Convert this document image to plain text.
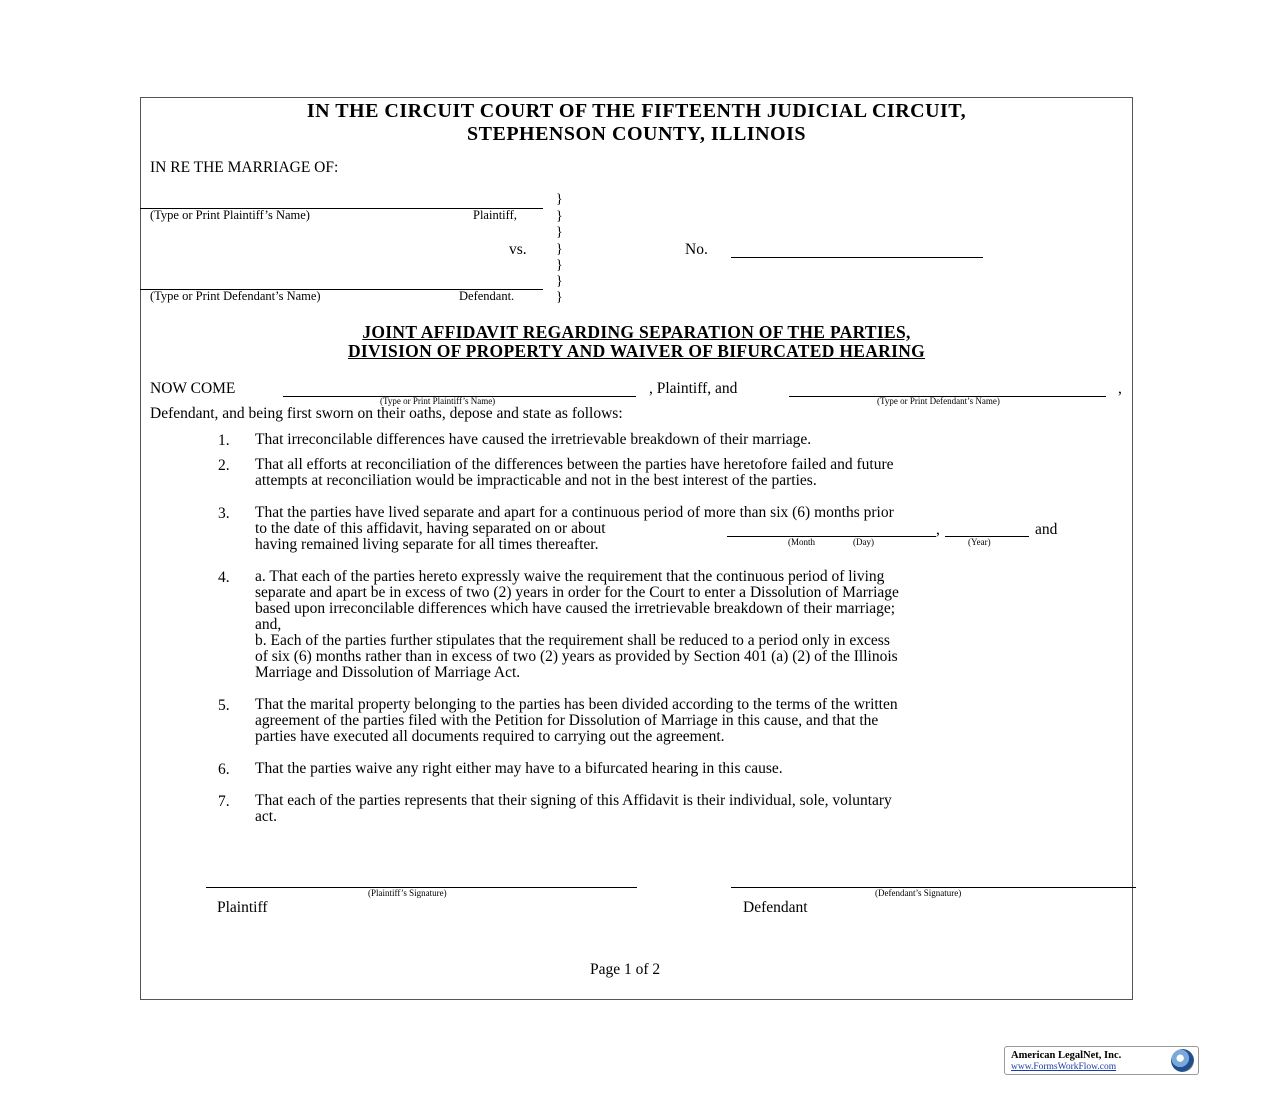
IN THE CIRCUIT COURT OF THE FIFTEENTH JUDICIAL CIRCUIT,
STEPHENSON COUNTY, ILLINOIS
IN RE THE MARRIAGE OF:
(Type or Print Plaintiff’s Name)	Plaintiff,
vs.
(Type or Print Defendant’s Name)	Defendant.
}
}
}
}
}
}
}
No.
JOINT AFFIDAVIT REGARDING SEPARATION OF THE PARTIES,
DIVISION OF PROPERTY AND WAIVER OF BIFURCATED HEARING
NOW COME
(Type or Print Plaintiff’s Name)
, Plaintiff, and
(Type or Print Defendant’s Name)
,
Defendant, and being first sworn on their oaths, depose and state as follows:
1. That irreconcilable differences have caused the irretrievable breakdown of their marriage.
2. That all efforts at reconciliation of the differences between the parties have heretofore failed and future
attempts at reconciliation would be impracticable and not in the best interest of the parties.
3. That the parties have lived separate and apart for a continuous period of more than six (6) months prior
to the date of this affidavit, having separated on or about
having remained living separate for all times thereafter.
,	and
(Month	(Day)	(Year)
4. a. That each of the parties hereto expressly waive the requirement that the continuous period of living
separate and apart be in excess of two (2) years in order for the Court to enter a Dissolution of Marriage
based upon irreconcilable differences which have caused the irretrievable breakdown of their marriage;
and,
b. Each of the parties further stipulates that the requirement shall be reduced to a period only in excess
of six (6) months rather than in excess of two (2) years as provided by Section 401 (a) (2) of the Illinois
Marriage and Dissolution of Marriage Act.
5. That the marital property belonging to the parties has been divided according to the terms of the written
agreement of the parties filed with the Petition for Dissolution of Marriage in this cause, and that the
parties have executed all documents required to carrying out the agreement.
6. That the parties waive any right either may have to a bifurcated hearing in this cause.
7. That each of the parties represents that their signing of this Affidavit is their individual, sole, voluntary
act.
(Plaintiff’s Signature)
Plaintiff
(Defendant’s Signature)
Defendant
Page 1 of 2
American LegalNet, Inc.
www.FormsWorkFlow.com
